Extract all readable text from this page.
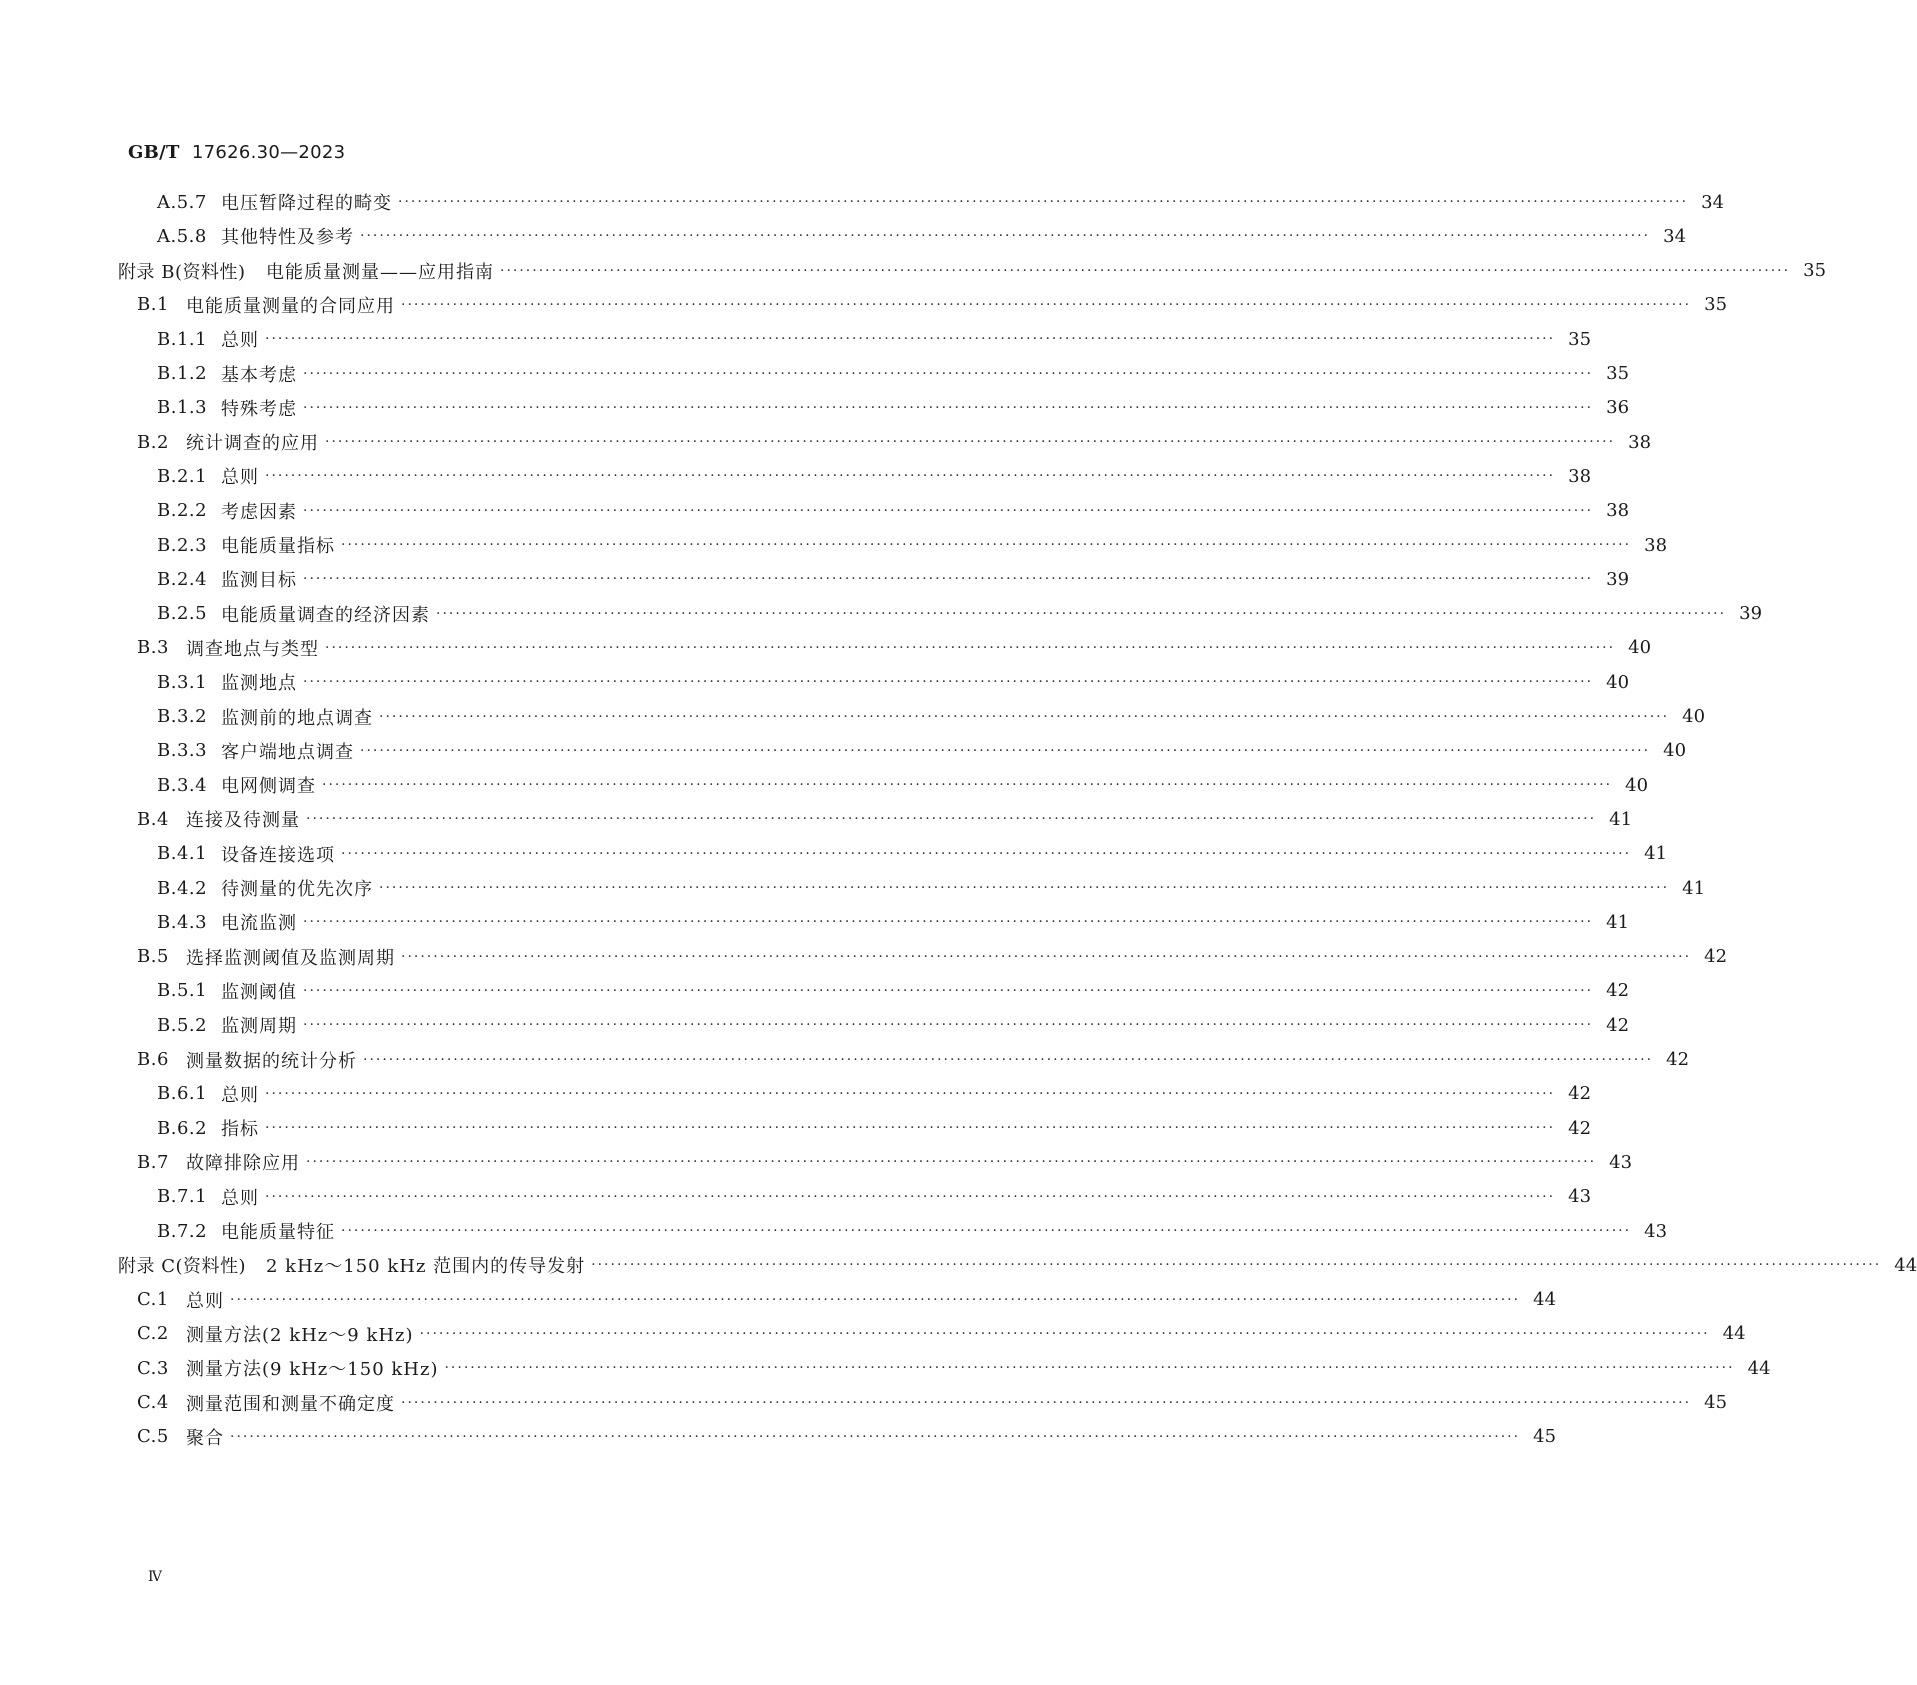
GB/T 17626.30—2023
A.5.7 电压暂降过程的畸变 ········································································································································································································ 34
A.5.8 其他特性及参考 ········································································································································································································ 34
附录 B(资料性)	电能质量测量——应用指南 ········································································································································································································ 35
B.1 电能质量测量的合同应用 ········································································································································································································ 35
B.1.1 总则 ········································································································································································································ 35
B.1.2 基本考虑 ········································································································································································································ 35
B.1.3 特殊考虑 ········································································································································································································ 36
B.2 统计调查的应用 ········································································································································································································ 38
B.2.1 总则 ········································································································································································································ 38
B.2.2 考虑因素 ········································································································································································································ 38
B.2.3 电能质量指标 ········································································································································································································ 38
B.2.4 监测目标 ········································································································································································································ 39
B.2.5 电能质量调查的经济因素 ········································································································································································································ 39
B.3 调查地点与类型 ········································································································································································································ 40
B.3.1 监测地点 ········································································································································································································ 40
B.3.2 监测前的地点调查 ········································································································································································································ 40
B.3.3 客户端地点调查 ········································································································································································································ 40
B.3.4 电网侧调查 ········································································································································································································ 40
B.4 连接及待测量 ········································································································································································································ 41
B.4.1 设备连接选项 ········································································································································································································ 41
B.4.2 待测量的优先次序 ········································································································································································································ 41
B.4.3 电流监测 ········································································································································································································ 41
B.5 选择监测阈值及监测周期 ········································································································································································································ 42
B.5.1 监测阈值 ········································································································································································································ 42
B.5.2 监测周期 ········································································································································································································ 42
B.6 测量数据的统计分析 ········································································································································································································ 42
B.6.1 总则 ········································································································································································································ 42
B.6.2 指标 ········································································································································································································ 42
B.7 故障排除应用 ········································································································································································································ 43
B.7.1 总则 ········································································································································································································ 43
B.7.2 电能质量特征 ········································································································································································································ 43
附录 C(资料性)	2 kHz～150 kHz 范围内的传导发射 ········································································································································································································ 44
C.1 总则 ········································································································································································································ 44
C.2 测量方法(2 kHz～9 kHz) ········································································································································································································ 44
C.3 测量方法(9 kHz～150 kHz) ········································································································································································································ 44
C.4 测量范围和测量不确定度 ········································································································································································································ 45
C.5 聚合 ········································································································································································································ 45
Ⅳ
